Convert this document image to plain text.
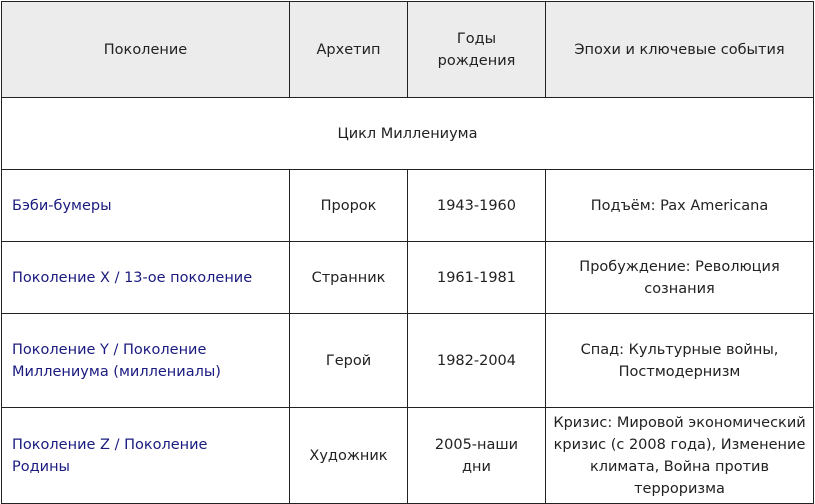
Поколение	Архетип	Годы рождения	Эпохи и ключевые события
Цикл Миллениума			
Бэби-бумеры	Пророк	1943-1960	Подъём: Pax Americana
Поколение X / 13-ое поколение	Странник	1961-1981	Пробуждение: Революция сознания

Поколение Y / Поколение Миллениума (миллениалы)	Герой	1982-2004	Спад: Культурные войны, Постмодернизм

Поколение Z / Поколение Родины	Художник	2005-наши дни	Кризис: Мировой экономический кризис (с 2008 года), Изменение климата, Война против терроризма
